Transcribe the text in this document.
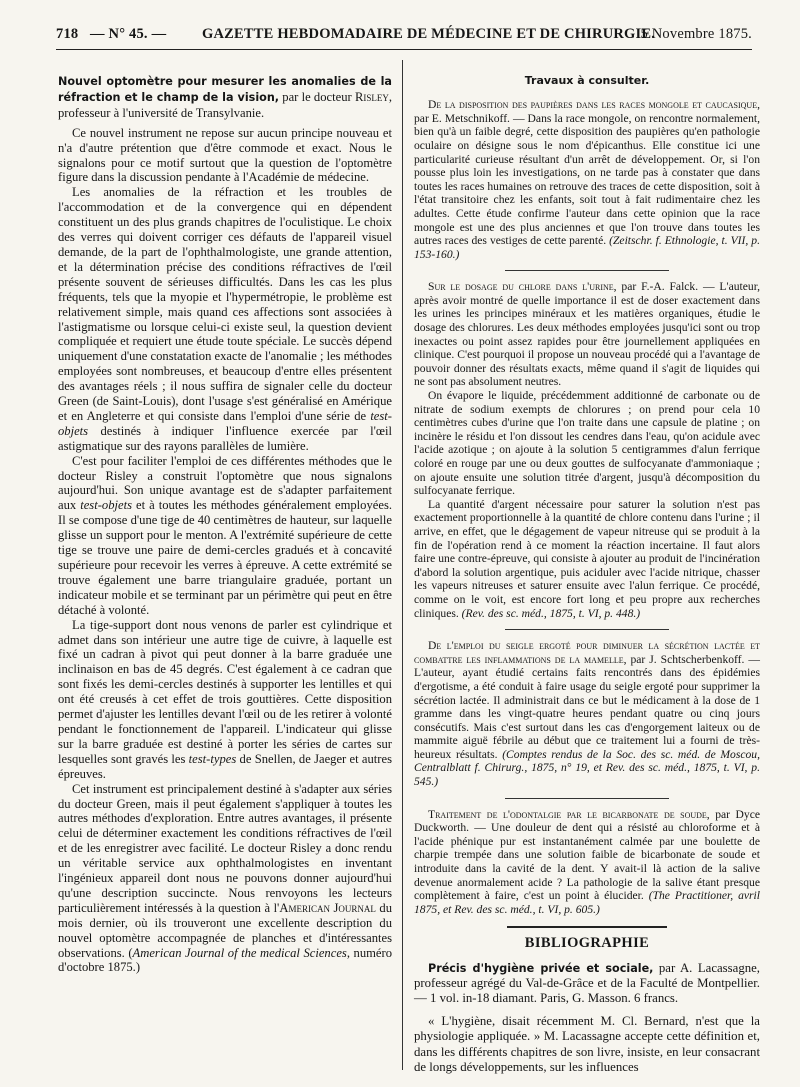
718 — N° 45. — GAZETTE HEBDOMADAIRE DE MÉDECINE ET DE CHIRURGIE.
5 Novembre 1875.

Nouvel optomètre pour mesurer les anomalies de la réfraction et le champ de la vision, par le docteur Risley, professeur à l'université de Transylvanie.

Ce nouvel instrument ne repose sur aucun principe nouveau et n'a d'autre prétention que d'être commode et exact. Nous le signalons pour ce motif surtout que la question de l'optomètre figure dans la discussion pendante à l'Académie de médecine.

Les anomalies de la réfraction et les troubles de l'accommodation et de la convergence qui en dépendent constituent un des plus grands chapitres de l'oculistique. Le choix des verres qui doivent corriger ces défauts de l'appareil visuel demande, de la part de l'ophthalmologiste, une grande attention, et la détermination précise des conditions réfractives de l'œil présente souvent de sérieuses difficultés. Dans les cas les plus fréquents, tels que la myopie et l'hypermétropie, le problème est relativement simple, mais quand ces affections sont associées à l'astigmatisme ou lorsque celui-ci existe seul, la question devient compliquée et requiert une étude toute spéciale. Le succès dépend uniquement d'une constatation exacte de l'anomalie ; les méthodes employées sont nombreuses, et beaucoup d'entre elles présentent des avantages réels ; il nous suffira de signaler celle du docteur Green (de Saint-Louis), dont l'usage s'est généralisé en Amérique et en Angleterre et qui consiste dans l'emploi d'une série de test-objets destinés à indiquer l'influence exercée par l'œil astigmatique sur des rayons parallèles de lumière.

C'est pour faciliter l'emploi de ces différentes méthodes que le docteur Risley a construit l'optomètre que nous signalons aujourd'hui. Son unique avantage est de s'adapter parfaitement aux test-objets et à toutes les méthodes généralement employées. Il se compose d'une tige de 40 centimètres de hauteur, sur laquelle glisse un support pour le menton. A l'extrémité supérieure de cette tige se trouve une paire de demi-cercles gradués et à concavité supérieure pour recevoir les verres à épreuve. A cette extrémité se trouve également une barre triangulaire graduée, portant un indicateur mobile et se terminant par un périmètre qui peut en être détaché à volonté.

La tige-support dont nous venons de parler est cylindrique et admet dans son intérieur une autre tige de cuivre, à laquelle est fixé un cadran à pivot qui peut donner à la barre graduée une inclinaison en bas de 45 degrés. C'est également à ce cadran que sont fixés les demi-cercles destinés à supporter les lentilles et qui ont été creusés à cet effet de trois gouttières. Cette disposition permet d'ajuster les lentilles devant l'œil ou de les retirer à volonté pendant le fonctionnement de l'appareil. L'indicateur qui glisse sur la barre graduée est destiné à porter les séries de cartes sur lesquelles sont gravés les test-types de Snellen, de Jaeger et autres épreuves.

Cet instrument est principalement destiné à s'adapter aux séries du docteur Green, mais il peut également s'appliquer à toutes les autres méthodes d'exploration. Entre autres avantages, il présente celui de déterminer exactement les conditions réfractives de l'œil et de les enregistrer avec facilité. Le docteur Risley a donc rendu un véritable service aux ophthalmologistes en inventant l'ingénieux appareil dont nous ne pouvons donner aujourd'hui qu'une description succincte. Nous renvoyons les lecteurs particulièrement intéressés à la question à l'American Journal du mois dernier, où ils trouveront une excellente description du nouvel optomètre accompagnée de planches et d'intéressantes observations. (American Journal of the medical Sciences, numéro d'octobre 1875.)

Travaux à consulter.

De la disposition des paupières dans les races mongole et caucasique, par E. Metschnikoff. — Dans la race mongole, on rencontre normalement, bien qu'à un faible degré, cette disposition des paupières qu'en pathologie oculaire on désigne sous le nom d'épicanthus. Elle constitue ici une particularité curieuse résultant d'un arrêt de développement. Or, si l'on pousse plus loin les investigations, on ne tarde pas à constater que dans toutes les races humaines on retrouve des traces de cette disposition, soit à l'état transitoire chez les enfants, soit tout à fait rudimentaire chez les adultes. Cette étude confirme l'auteur dans cette opinion que la race mongole est une des plus anciennes et que l'on trouve dans toutes les autres races des vestiges de cette parenté. (Zeitschr. f. Ethnologie, t. VII, p. 153-160.)

Sur le dosage du chlore dans l'urine, par F.-A. Falck. — L'auteur, après avoir montré de quelle importance il est de doser exactement dans les urines les principes minéraux et les matières organiques, étudie le dosage des chlorures. Les deux méthodes employées jusqu'ici sont ou trop inexactes ou point assez rapides pour être journellement appliquées en clinique. C'est pourquoi il propose un nouveau procédé qui a l'avantage de pouvoir donner des résultats exacts, même quand il s'agit de liquides qui ne sont pas absolument neutres.

On évapore le liquide, précédemment additionné de carbonate ou de nitrate de sodium exempts de chlorures ; on prend pour cela 10 centimètres cubes d'urine que l'on traite dans une capsule de platine ; on incinère le résidu et l'on dissout les cendres dans l'eau, qu'on acidule avec l'acide azotique ; on ajoute à la solution 5 centigrammes d'alun ferrique coloré en rouge par une ou deux gouttes de sulfocyanate d'ammoniaque ; on ajoute ensuite une solution titrée d'argent, jusqu'à décomposition du sulfocyanate ferrique.

La quantité d'argent nécessaire pour saturer la solution n'est pas exactement proportionnelle à la quantité de chlore contenu dans l'urine ; il arrive, en effet, que le dégagement de vapeur nitreuse qui se produit à la fin de l'opération rend à ce moment la réaction incertaine. Il faut alors faire une contre-épreuve, qui consiste à ajouter au produit de l'incinération d'abord la solution argentique, puis aciduler avec l'acide nitrique, chasser les vapeurs nitreuses et saturer ensuite avec l'alun ferrique. Ce procédé, comme on le voit, est encore fort long et peu propre aux recherches cliniques. (Rev. des sc. méd., 1875, t. VI, p. 448.)

De l'emploi du seigle ergoté pour diminuer la sécrétion lactée et combattre les inflammations de la mamelle, par J. Schtscherbenkoff. — L'auteur, ayant étudié certains faits rencontrés dans des épidémies d'ergotisme, a été conduit à faire usage du seigle ergoté pour supprimer la sécrétion lactée. Il administrait dans ce but le médicament à la dose de 1 gramme dans les vingt-quatre heures pendant quatre ou cinq jours consécutifs. Mais c'est surtout dans les cas d'engorgement laiteux ou de mammite aiguë fébrile au début que ce traitement lui a fourni de très-heureux résultats. (Comptes rendus de la Soc. des sc. méd. de Moscou, Centralblatt f. Chirurg., 1875, n° 19, et Rev. des sc. méd., 1875, t. VI, p. 545.)

Traitement de l'odontalgie par le bicarbonate de soude, par Dyce Duckworth. — Une douleur de dent qui a résisté au chloroforme et à l'acide phénique pur est instantanément calmée par une boulette de charpie trempée dans une solution faible de bicarbonate de soude et introduite dans la cavité de la dent. Y avait-il là action de la salive devenue anormalement acide ? La pathologie de la salive étant presque complètement à faire, c'est un point à élucider. (The Practitioner, avril 1875, et Rev. des sc. méd., t. VI, p. 605.)

BIBLIOGRAPHIE

Précis d'hygiène privée et sociale, par A. Lacassagne, professeur agrégé du Val-de-Grâce et de la Faculté de Montpellier. — 1 vol. in-18 diamant. Paris, G. Masson. 6 francs.

« L'hygiène, disait récemment M. Cl. Bernard, n'est que la physiologie appliquée. » M. Lacassagne accepte cette définition et, dans les différents chapitres de son livre, insiste, en leur consacrant de longs développements, sur les influences
